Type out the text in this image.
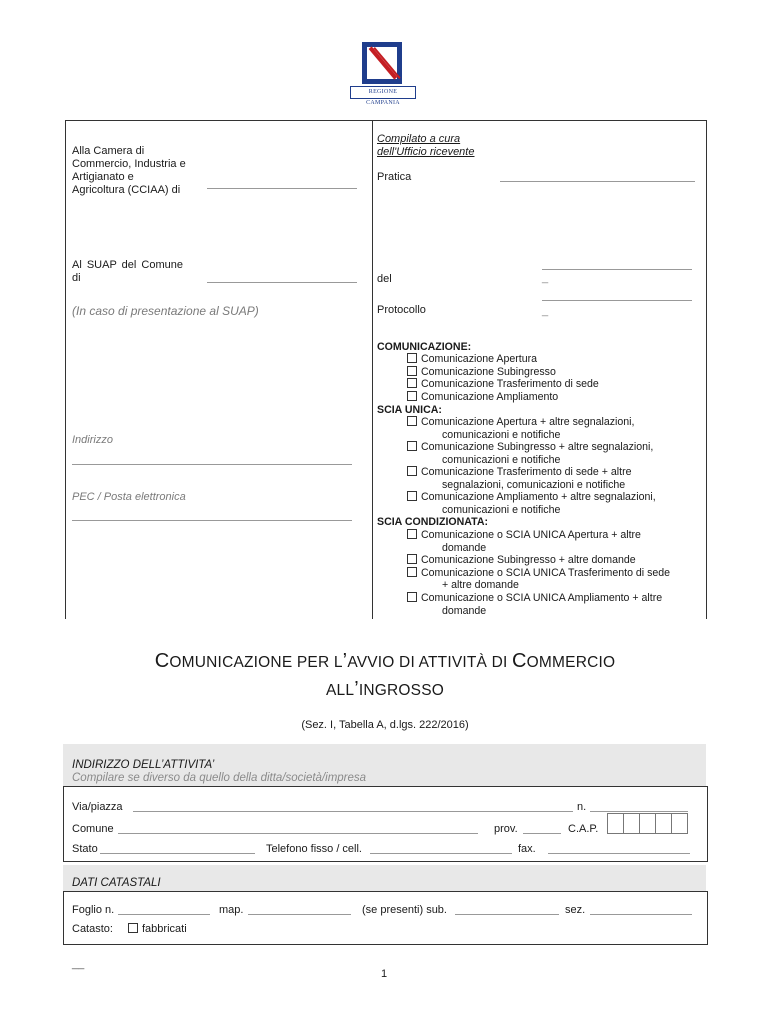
REGIONE CAMPANIA
Alla Camera di
Commercio, Industria e
Artigianato e
Agricoltura (CCIAA) di
Al SUAP del Comune
di
(In caso di presentazione al SUAP)
Indirizzo
PEC / Posta elettronica
Compilato a cura
dell'Ufficio ricevente
Pratica
_
del
_
Protocollo
COMUNICAZIONE:
Comunicazione Apertura
Comunicazione Subingresso
Comunicazione Trasferimento di sede
Comunicazione Ampliamento
SCIA UNICA:
Comunicazione Apertura + altre segnalazioni,
comunicazioni e notifiche
Comunicazione Subingresso + altre segnalazioni,
comunicazioni e notifiche
Comunicazione Trasferimento di sede + altre
segnalazioni, comunicazioni e notifiche
Comunicazione Ampliamento + altre segnalazioni,
comunicazioni e notifiche
SCIA CONDIZIONATA:
Comunicazione o SCIA UNICA Apertura + altre
domande
Comunicazione Subingresso + altre domande
Comunicazione o SCIA UNICA Trasferimento di sede
+ altre domande
Comunicazione o SCIA UNICA Ampliamento + altre
domande
COMUNICAZIONE PER L’AVVIO DI ATTIVITÀ DI COMMERCIO
ALL’INGROSSO
(Sez. I, Tabella A, d.lgs. 222/2016)
INDIRIZZO DELL’ATTIVITA’
Compilare se diverso da quello della ditta/società/impresa
Via/piazza	n.
Comune	prov.	C.A.P.
Stato	Telefono fisso / cell.	fax.
DATI CATASTALI
Foglio n.	map.	(se presenti) sub.	sez.
Catasto:	fabbricati
__
1
